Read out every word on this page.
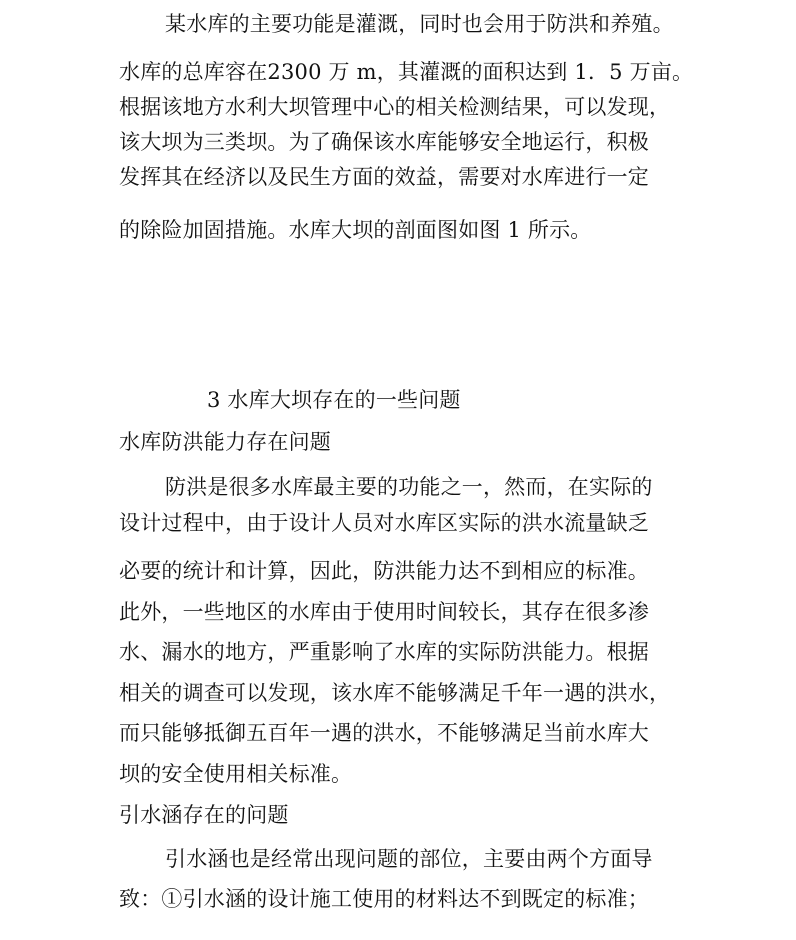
某水库的主要功能是灌溉，同时也会用于防洪和养殖。
水库的总库容在2300 万 m，其灌溉的面积达到 1．5 万亩。
根据该地方水利大坝管理中心的相关检测结果，可以发现，
该大坝为三类坝。为了确保该水库能够安全地运行，积极
发挥其在经济以及民生方面的效益，需要对水库进行一定
的除险加固措施。水库大坝的剖面图如图 1 所示。
3 水库大坝存在的一些问题
水库防洪能力存在问题
防洪是很多水库最主要的功能之一，然而，在实际的
设计过程中，由于设计人员对水库区实际的洪水流量缺乏
必要的统计和计算，因此，防洪能力达不到相应的标准。
此外，一些地区的水库由于使用时间较长，其存在很多渗
水、漏水的地方，严重影响了水库的实际防洪能力。根据
相关的调查可以发现，该水库不能够满足千年一遇的洪水，
而只能够抵御五百年一遇的洪水，不能够满足当前水库大
坝的安全使用相关标准。
引水涵存在的问题
引水涵也是经常出现问题的部位，主要由两个方面导
致：①引水涵的设计施工使用的材料达不到既定的标准；
